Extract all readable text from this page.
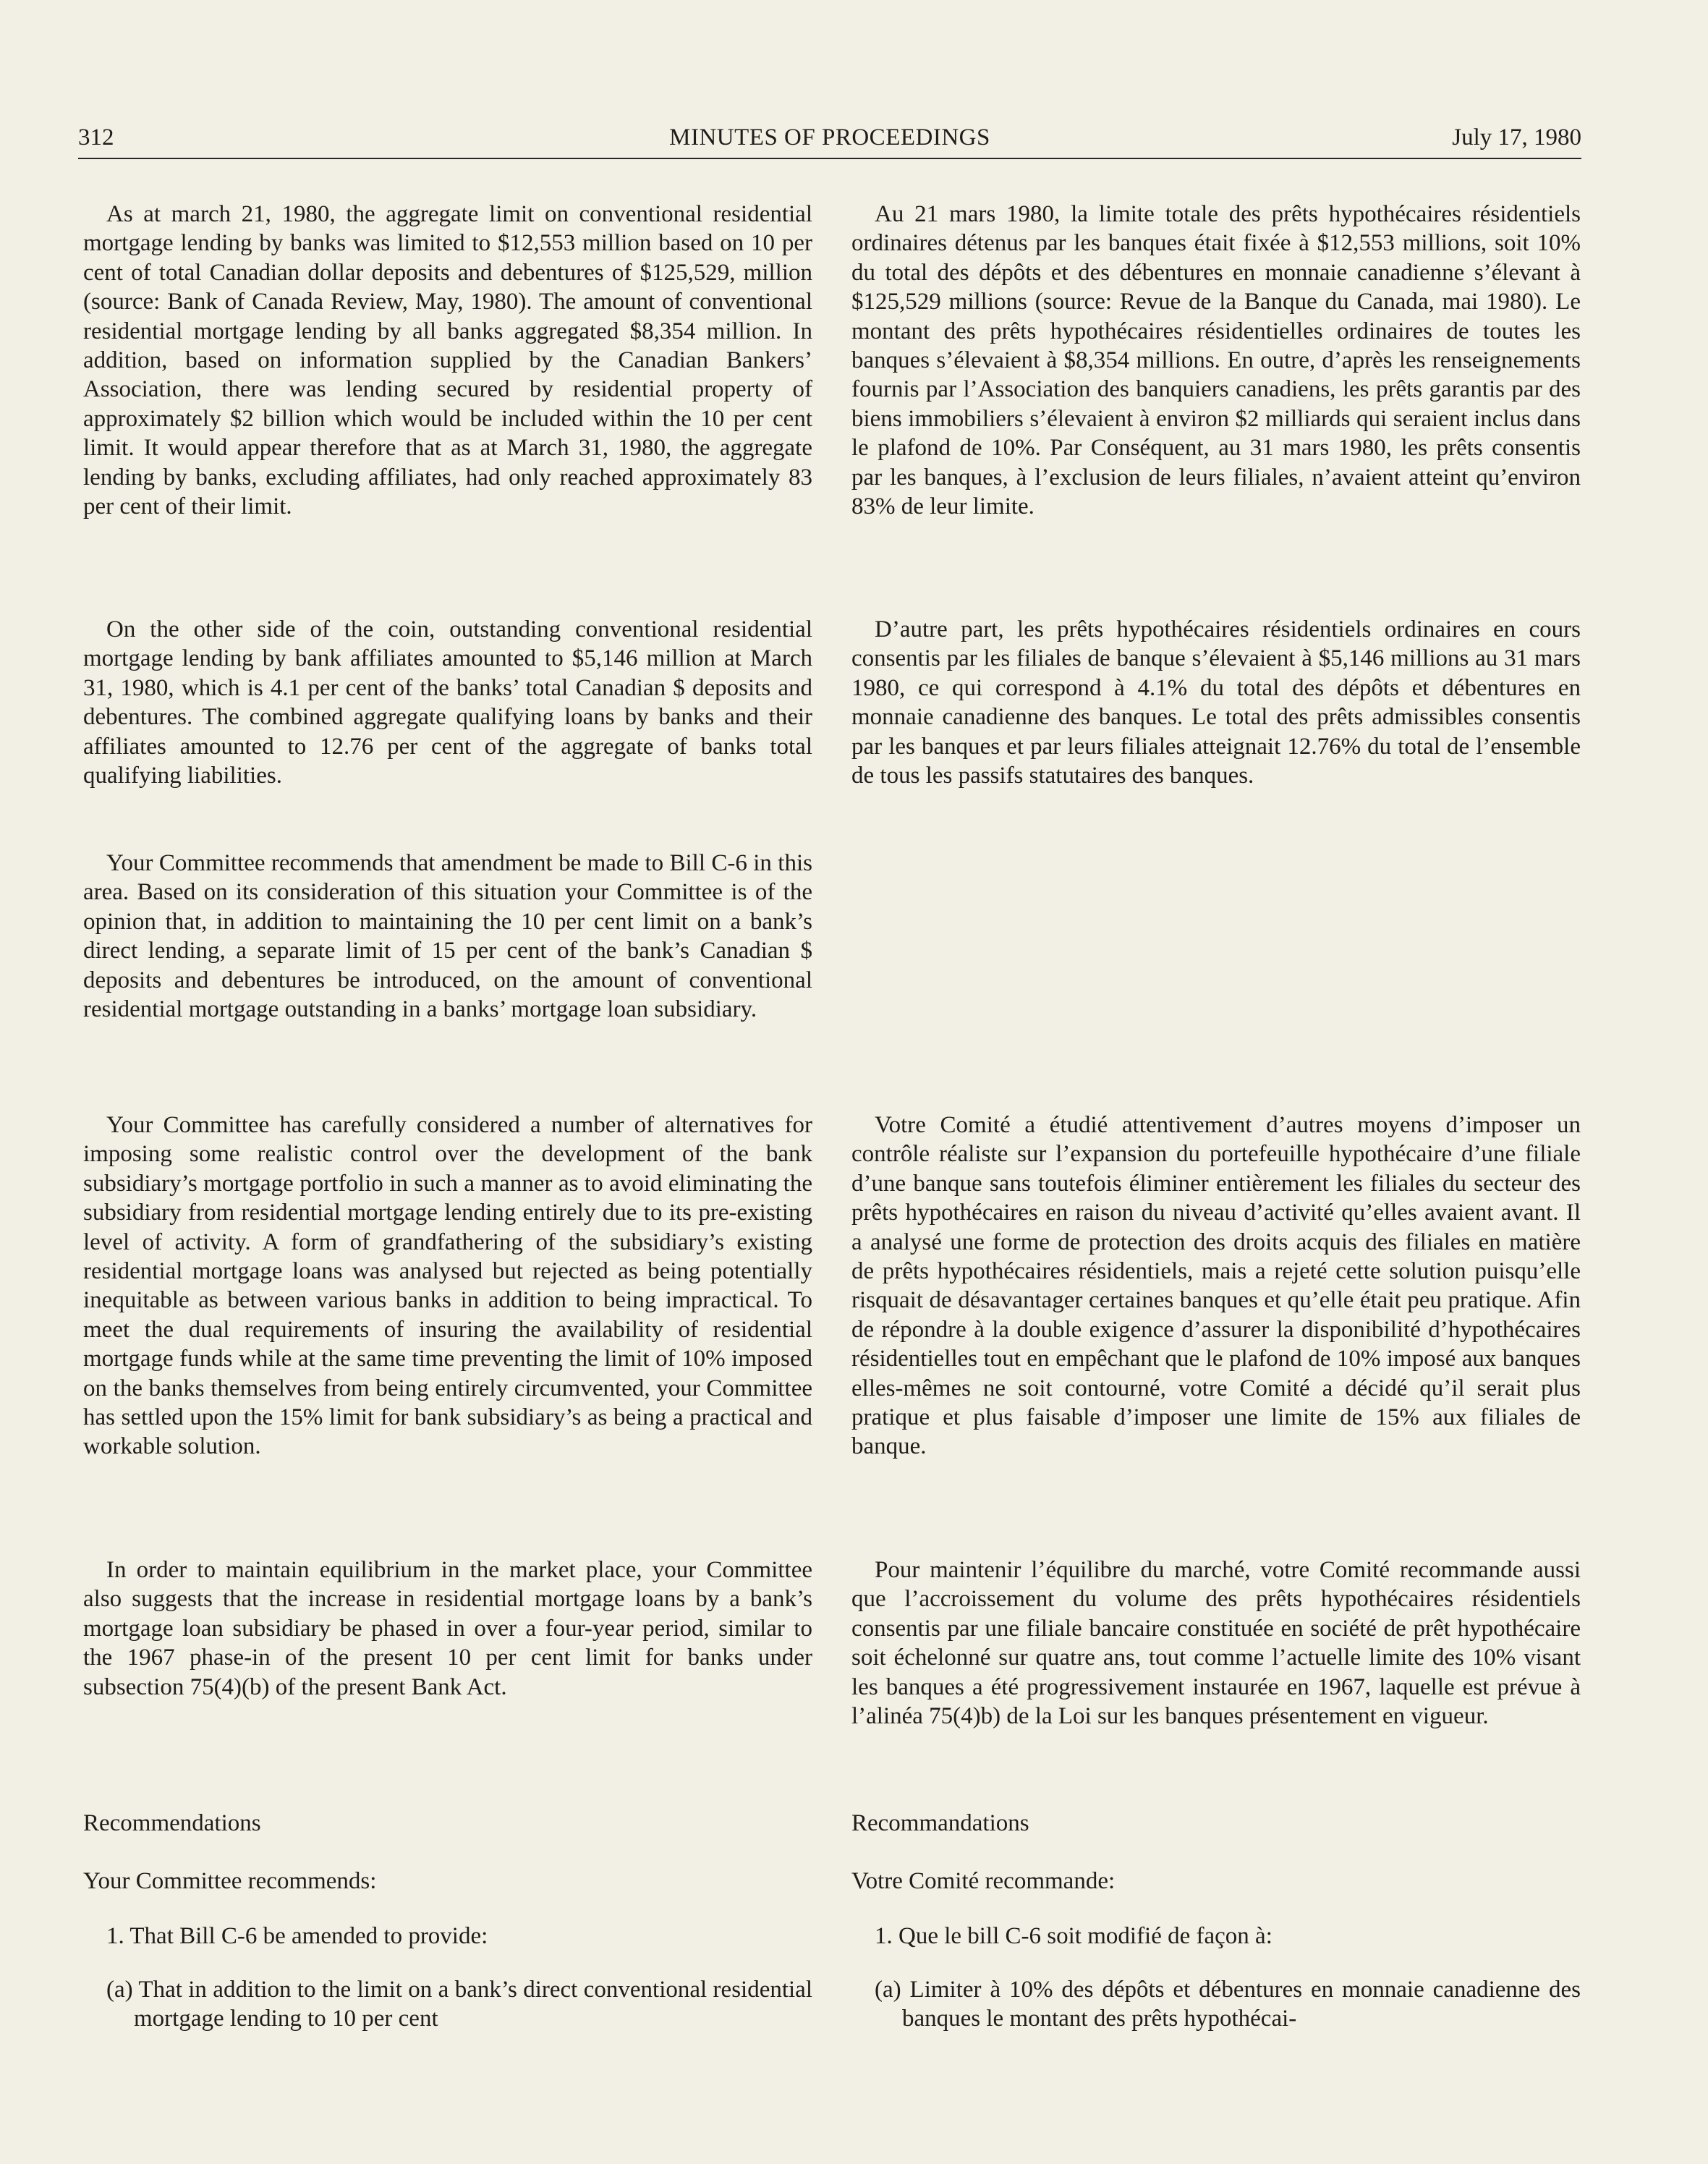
312	MINUTES OF PROCEEDINGS	July 17, 1980

As at march 21, 1980, the aggregate limit on conventional residential mortgage lending by banks was limited to $12,553 million based on 10 per cent of total Canadian dollar deposits and debentures of $125,529, million (source: Bank of Canada Review, May, 1980). The amount of conventional residential mortgage lending by all banks aggregated $8,354 million. In addition, based on information supplied by the Canadian Bankers’ Association, there was lending secured by residential property of approximately $2 billion which would be included within the 10 per cent limit. It would appear therefore that as at March 31, 1980, the aggregate lending by banks, excluding affiliates, had only reached approximately 83 per cent of their limit.

On the other side of the coin, outstanding conventional residential mortgage lending by bank affiliates amounted to $5,146 million at March 31, 1980, which is 4.1 per cent of the banks’ total Canadian $ deposits and debentures. The combined aggregate qualifying loans by banks and their affiliates amounted to 12.76 per cent of the aggregate of banks total qualifying liabilities.

Your Committee recommends that amendment be made to Bill C-6 in this area. Based on its consideration of this situation your Committee is of the opinion that, in addition to maintaining the 10 per cent limit on a bank’s direct lending, a separate limit of 15 per cent of the bank’s Canadian $ deposits and debentures be introduced, on the amount of conventional residential mortgage outstanding in a banks’ mortgage loan subsidiary.

Your Committee has carefully considered a number of alternatives for imposing some realistic control over the development of the bank subsidiary’s mortgage portfolio in such a manner as to avoid eliminating the subsidiary from residential mortgage lending entirely due to its pre-existing level of activity. A form of grandfathering of the subsidiary’s existing residential mortgage loans was analysed but rejected as being potentially inequitable as between various banks in addition to being impractical. To meet the dual requirements of insuring the availability of residential mortgage funds while at the same time preventing the limit of 10% imposed on the banks themselves from being entirely circumvented, your Committee has settled upon the 15% limit for bank subsidiary’s as being a practical and workable solution.

In order to maintain equilibrium in the market place, your Committee also suggests that the increase in residential mortgage loans by a bank’s mortgage loan subsidiary be phased in over a four-year period, similar to the 1967 phase-in of the present 10 per cent limit for banks under subsection 75(4)(b) of the present Bank Act.

Recommendations

Your Committee recommends:

1. That Bill C-6 be amended to provide:

(a) That in addition to the limit on a bank’s direct conventional residential mortgage lending to 10 per cent

Au 21 mars 1980, la limite totale des prêts hypothécaires résidentiels ordinaires détenus par les banques était fixée à $12,553 millions, soit 10% du total des dépôts et des débentures en monnaie canadienne s’élevant à $125,529 millions (source: Revue de la Banque du Canada, mai 1980). Le montant des prêts hypothécaires résidentielles ordinaires de toutes les banques s’élevaient à $8,354 millions. En outre, d’après les renseignements fournis par l’Association des banquiers canadiens, les prêts garantis par des biens immobiliers s’élevaient à environ $2 milliards qui seraient inclus dans le plafond de 10%. Par Conséquent, au 31 mars 1980, les prêts consentis par les banques, à l’exclusion de leurs filiales, n’avaient atteint qu’environ 83% de leur limite.

D’autre part, les prêts hypothécaires résidentiels ordinaires en cours consentis par les filiales de banque s’élevaient à $5,146 millions au 31 mars 1980, ce qui correspond à 4.1% du total des dépôts et débentures en monnaie canadienne des banques. Le total des prêts admissibles consentis par les banques et par leurs filiales atteignait 12.76% du total de l’ensemble de tous les passifs statutaires des banques.

Votre Comité a étudié attentivement d’autres moyens d’imposer un contrôle réaliste sur l’expansion du portefeuille hypothécaire d’une filiale d’une banque sans toutefois éliminer entièrement les filiales du secteur des prêts hypothécaires en raison du niveau d’activité qu’elles avaient avant. Il a analysé une forme de protection des droits acquis des filiales en matière de prêts hypothécaires résidentiels, mais a rejeté cette solution puisqu’elle risquait de désavantager certaines banques et qu’elle était peu pratique. Afin de répondre à la double exigence d’assurer la disponibilité d’hypothécaires résidentielles tout en empêchant que le plafond de 10% imposé aux banques elles-mêmes ne soit contourné, votre Comité a décidé qu’il serait plus pratique et plus faisable d’imposer une limite de 15% aux filiales de banque.

Pour maintenir l’équilibre du marché, votre Comité recommande aussi que l’accroissement du volume des prêts hypothécaires résidentiels consentis par une filiale bancaire constituée en société de prêt hypothécaire soit échelonné sur quatre ans, tout comme l’actuelle limite des 10% visant les banques a été progressivement instaurée en 1967, laquelle est prévue à l’alinéa 75(4)b) de la Loi sur les banques présentement en vigueur.

Recommandations

Votre Comité recommande:

1. Que le bill C-6 soit modifié de façon à:

(a) Limiter à 10% des dépôts et débentures en monnaie canadienne des banques le montant des prêts hypothécai-
